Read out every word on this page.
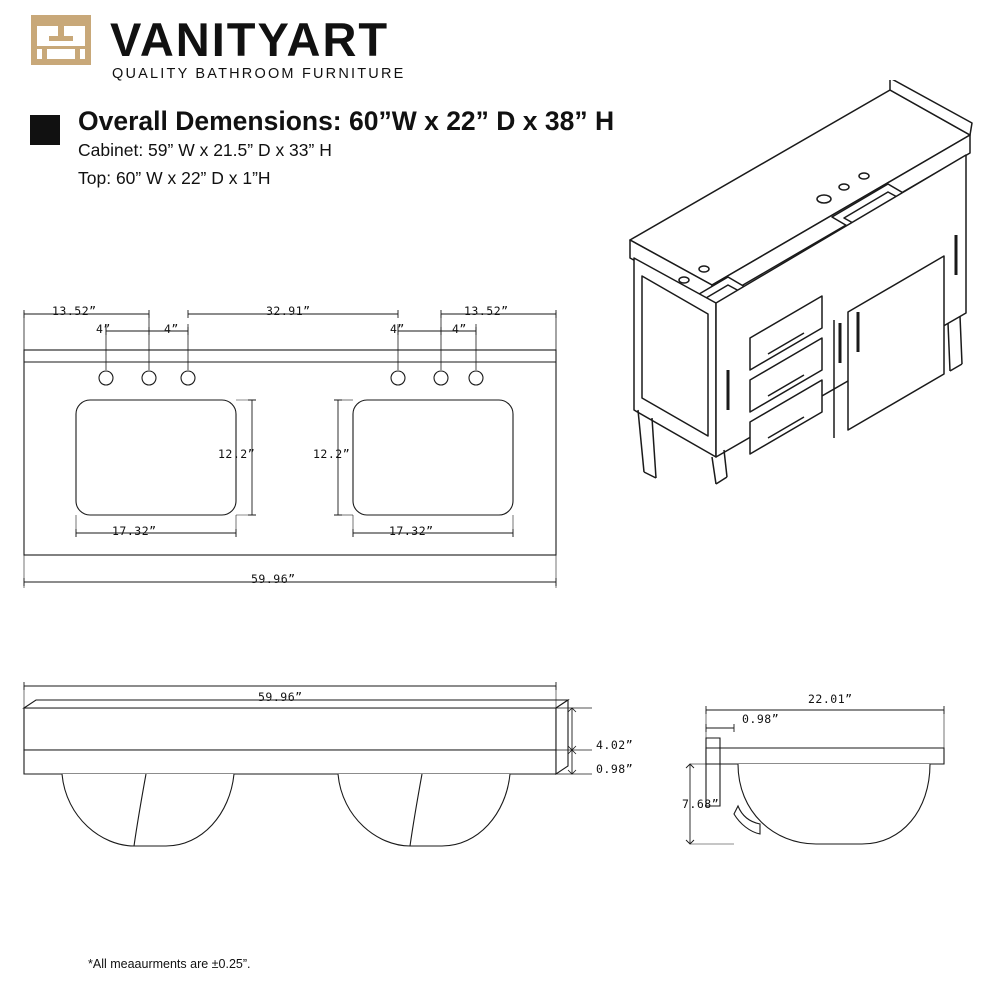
VANITYART
QUALITY BATHROOM FURNITURE
Overall Demensions: 60”W x 22” D x 38” H
Cabinet: 59” W x 21.5” D x 33” H
Top: 60” W x 22” D x 1”H
13.52”	32.91”	13.52”
4”	4”	4”	4”
12.2”	12.2”
17.32”	17.32”
59.96”
59.96”
4.02”
0.98”
22.01”
0.98”
7.68”
*All meaaurments are ±0.25”.
